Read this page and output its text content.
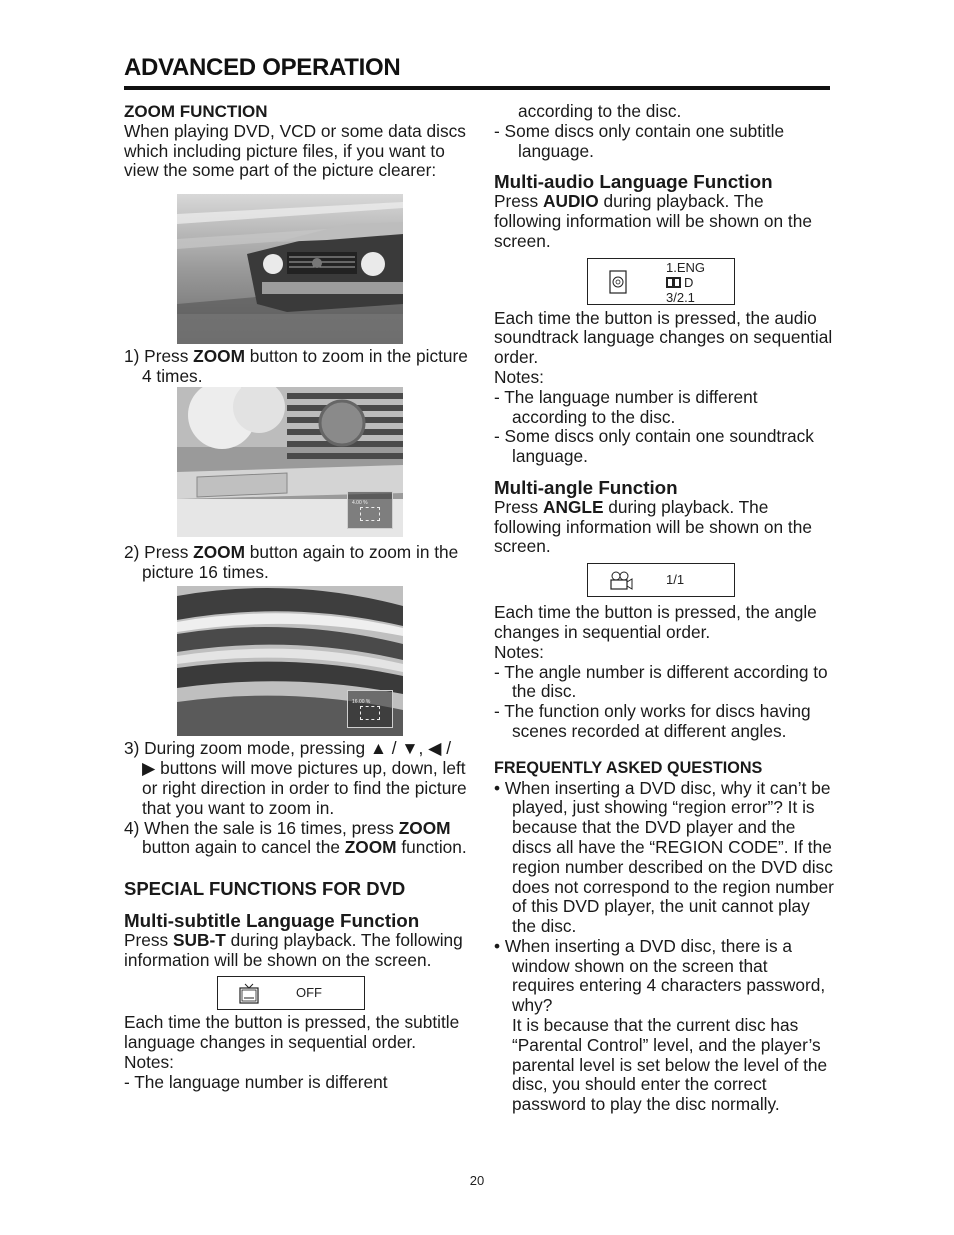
ADVANCED OPERATION

ZOOM FUNCTION

When playing DVD, VCD or some data discs which including picture files, if you want to view the some part of the picture clearer:

1) Press ZOOM button to zoom in the picture 4 times.

4.00 %

2) Press ZOOM button again to zoom in the picture 16 times.

16.00 %

3) During zoom mode, pressing ▲ / ▼, ◀ / ▶ buttons will move pictures up, down, left or right direction in order to find the picture that you want to zoom in.
4) When the sale is 16 times, press ZOOM button again to cancel the ZOOM function.

SPECIAL FUNCTIONS FOR DVD

Multi-subtitle Language Function

Press SUB-T during playback. The following information will be shown on the screen.

OFF

Each time the button is pressed, the subtitle language changes in sequential order.

Notes:

- The language number is different

according to the disc.
- Some discs only contain one subtitle language.

Multi-audio Language Function

Press AUDIO during playback. The following information will be shown on the screen.

1.ENG
D
3/2.1

Each time the button is pressed, the audio soundtrack language changes on sequential order.

Notes:

- The language number is different according to the disc.
- Some discs only contain one soundtrack language.

Multi-angle Function

Press ANGLE during playback. The following information will be shown on the screen.

1/1

Each time the button is pressed, the angle changes in sequential order.

Notes:

- The angle number is different according to the disc.
- The function only works for discs having scenes recorded at different angles.

FREQUENTLY ASKED QUESTIONS

• When inserting a DVD disc, why it can’t be played, just showing “region error”? It is because that the DVD player and the discs all have the “REGION CODE”. If the region number described on the DVD disc does not correspond to the region number of this DVD player, the unit cannot play the disc.
• When inserting a DVD disc, there is a window shown on the screen that requires entering 4 characters password, why?
It is because that the current disc has “Parental Control” level, and the player’s parental level is set below the level of the disc, you should enter the correct password to play the disc normally.
20
